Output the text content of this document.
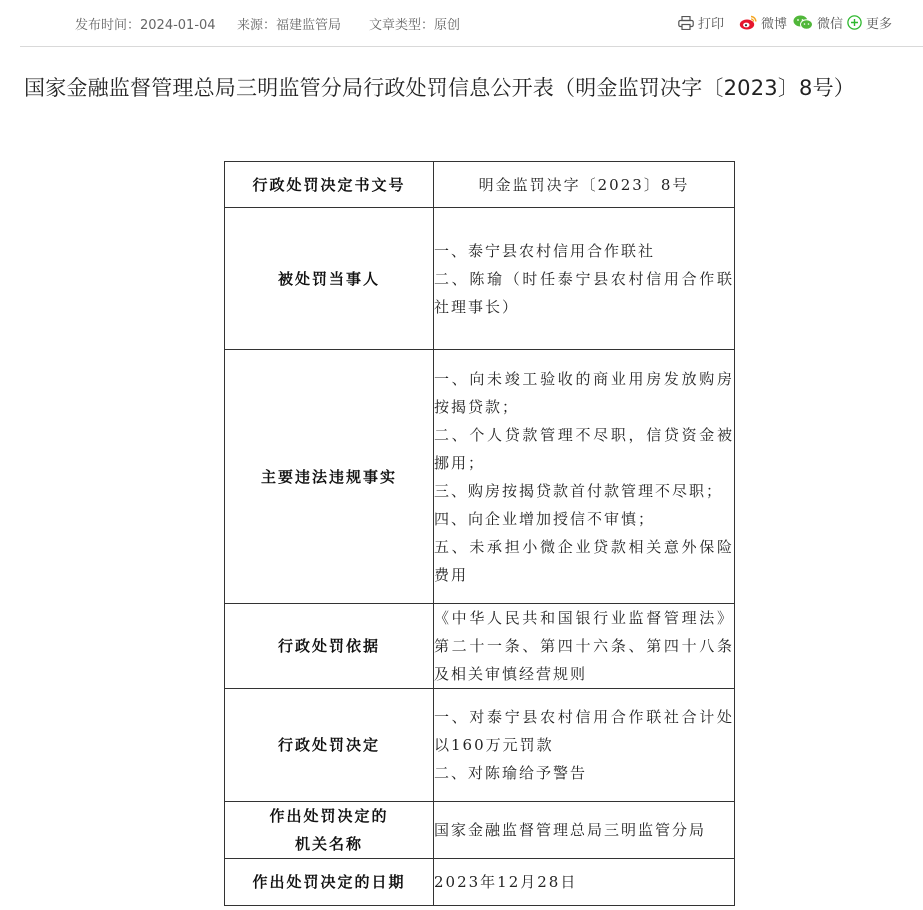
发布时间：2024-01-04 来源：福建监管局 文章类型：原创	打印	微博 微信 更多
国家金融监督管理总局三明监管分局行政处罚信息公开表（明金监罚决字〔2023〕8号）
行政处罚决定书文号	明金监罚决字〔2023〕8号

被处罚当事人	一、泰宁县农村信用合作联社
二、陈瑜（时任泰宁县农村信用合作联社理事长）

主要违法违规事实	一、向未竣工验收的商业用房发放购房按揭贷款；
二、个人贷款管理不尽职，信贷资金被挪用；
三、购房按揭贷款首付款管理不尽职；
四、向企业增加授信不审慎；
五、未承担小微企业贷款相关意外保险费用

行政处罚依据	《中华人民共和国银行业监督管理法》第二十一条、第四十六条、第四十八条及相关审慎经营规则

行政处罚决定	一、对泰宁县农村信用合作联社合计处以160万元罚款
二、对陈瑜给予警告

作出处罚决定的
机关名称	国家金融监督管理总局三明监管分局

作出处罚决定的日期	2023年12月28日
